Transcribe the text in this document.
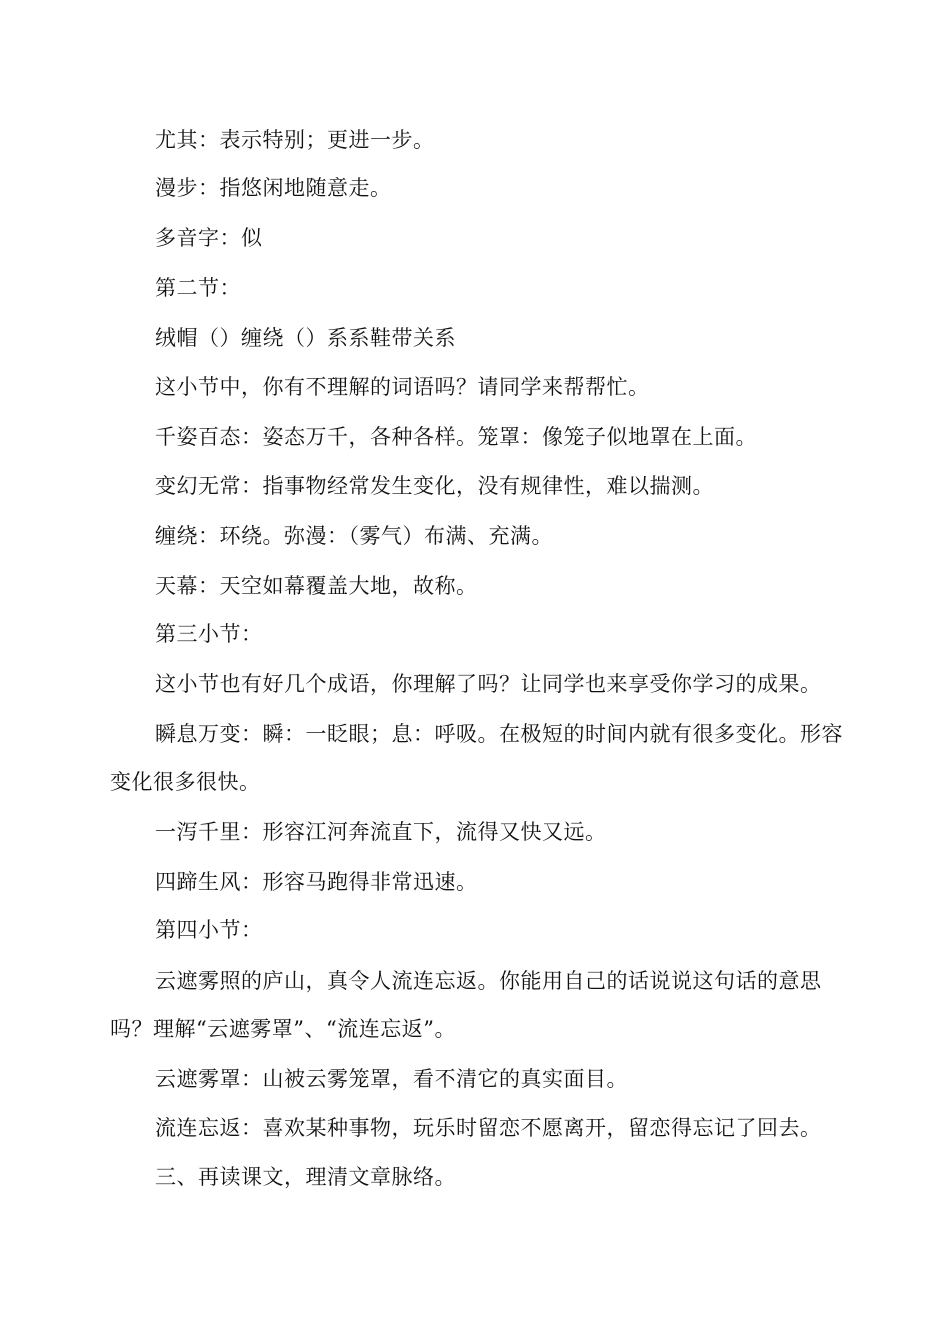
尤其：表示特别；更进一步。

漫步：指悠闲地随意走。

多音字：似

第二节：

绒帽（）缠绕（）系系鞋带关系

这小节中，你有不理解的词语吗？请同学来帮帮忙。

千姿百态：姿态万千，各种各样。笼罩：像笼子似地罩在上面。

变幻无常：指事物经常发生变化，没有规律性，难以揣测。

缠绕：环绕。弥漫：（雾气）布满、充满。

天幕：天空如幕覆盖大地，故称。

第三小节：

这小节也有好几个成语，你理解了吗？让同学也来享受你学习的成果。

瞬息万变：瞬：一眨眼；息：呼吸。在极短的时间内就有很多变化。形容变化很多很快。

一泻千里：形容江河奔流直下，流得又快又远。

四蹄生风：形容马跑得非常迅速。

第四小节：

云遮雾照的庐山，真令人流连忘返。你能用自己的话说说这句话的意思吗？理解“云遮雾罩”、“流连忘返”。

云遮雾罩：山被云雾笼罩，看不清它的真实面目。

流连忘返：喜欢某种事物，玩乐时留恋不愿离开，留恋得忘记了回去。

三、再读课文，理清文章脉络。
